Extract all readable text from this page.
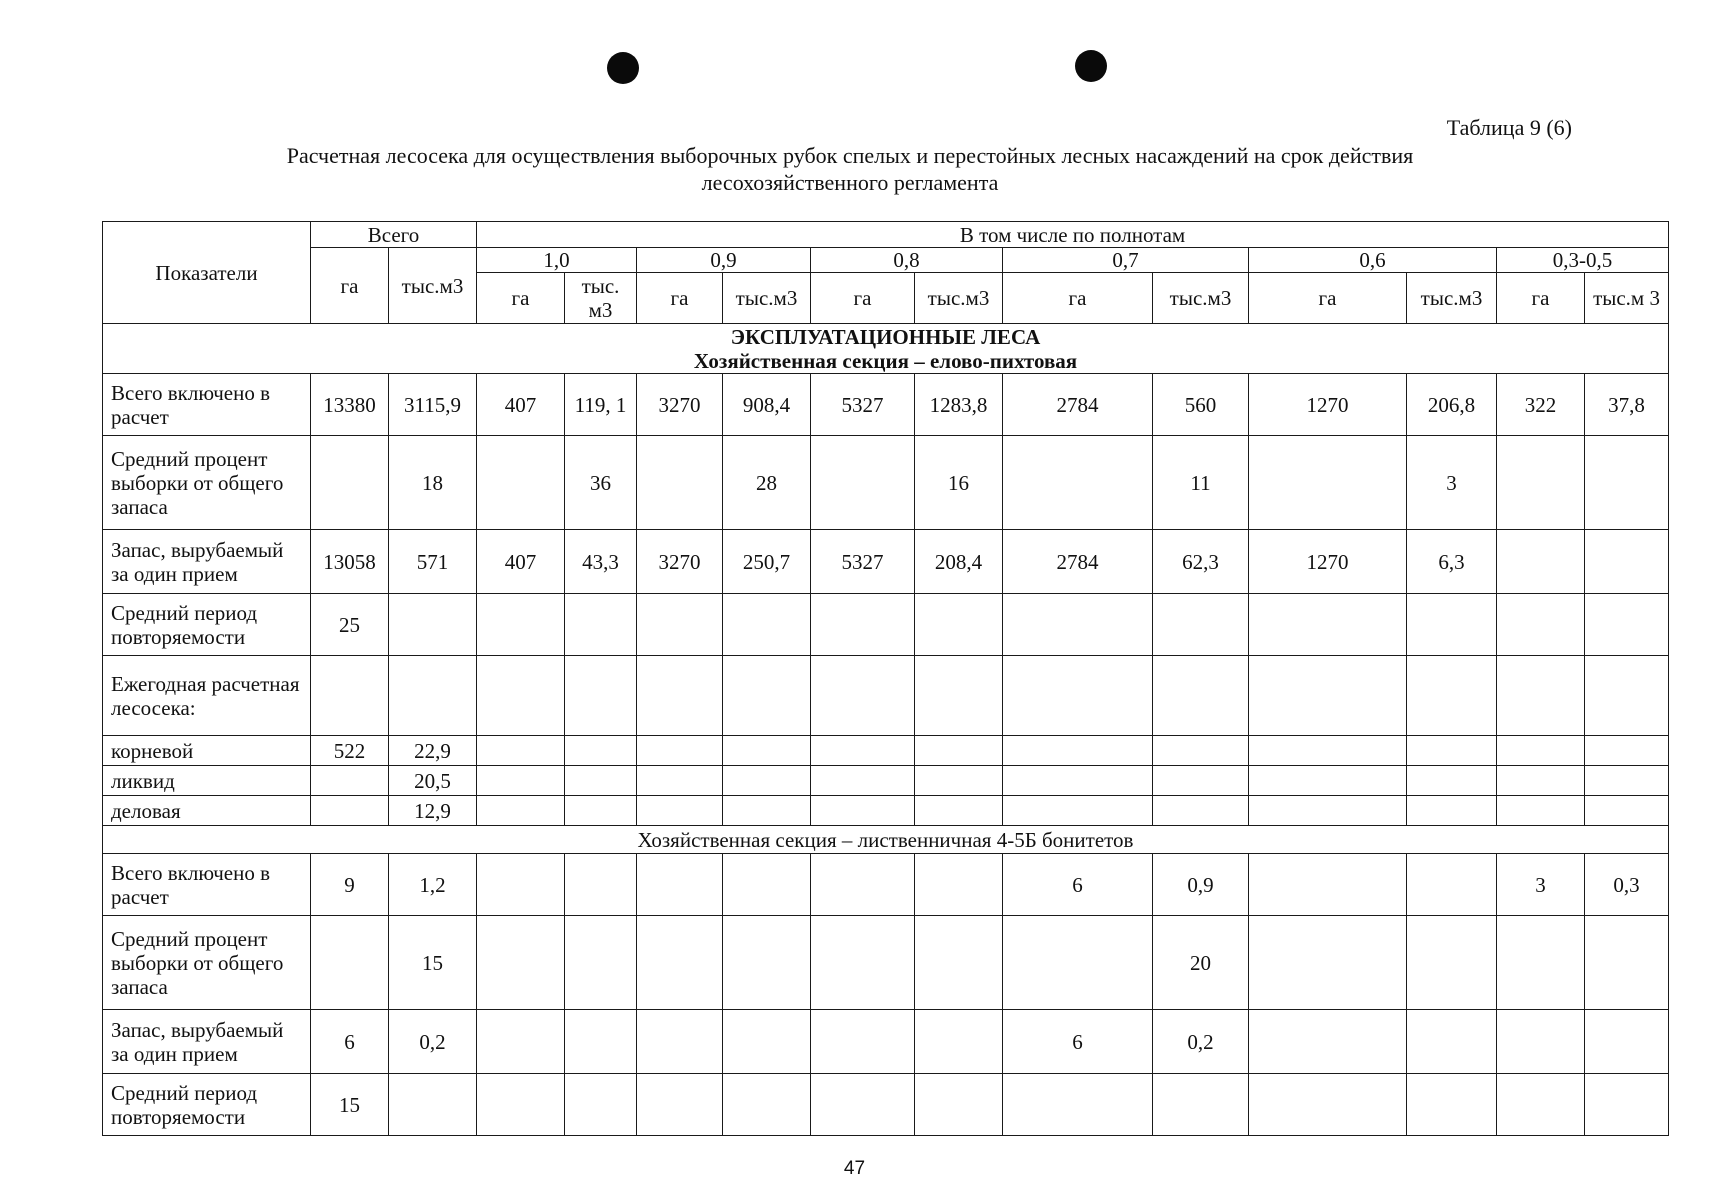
Таблица 9 (6)
Расчетная лесосека для осуществления выборочных рубок спелых и перестойных лесных насаждений на срок действия
лесохозяйственного регламента
Показатели	Всего		В том числе по полнотам											
	га	тыс.м3	1,0		0,9		0,8		0,7		0,6		0,3-0,5	
			га	тыс. м3	га	тыс.м3	га	тыс.м3	га	тыс.м3	га	тыс.м3	га	тыс.м 3

ЭКСПЛУАТАЦИОННЫЕ ЛЕСА
Хозяйственная секция – елово-пихтовая														

Всего включено в расчет	13380	3115,9	407	119, 1	3270	908,4	5327	1283,8	2784	560	1270	206,8	322	37,8
Средний процент выборки от общего запаса		18		36		28		16		11		3		
Запас, вырубаемый за один прием	13058	571	407	43,3	3270	250,7	5327	208,4	2784	62,3	1270	6,3		
Средний период повторяемости	25													
Ежегодная расчетная лесосека:														
корневой	522	22,9												
ликвид		20,5												
деловая		12,9												
Хозяйственная секция – лиственничная 4-5Б бонитетов														
Всего включено в расчет	9	1,2							6	0,9			3	0,3
Средний процент выборки от общего запаса		15								20				
Запас, вырубаемый за один прием	6	0,2							6	0,2				
Средний период повторяемости	15													
47
